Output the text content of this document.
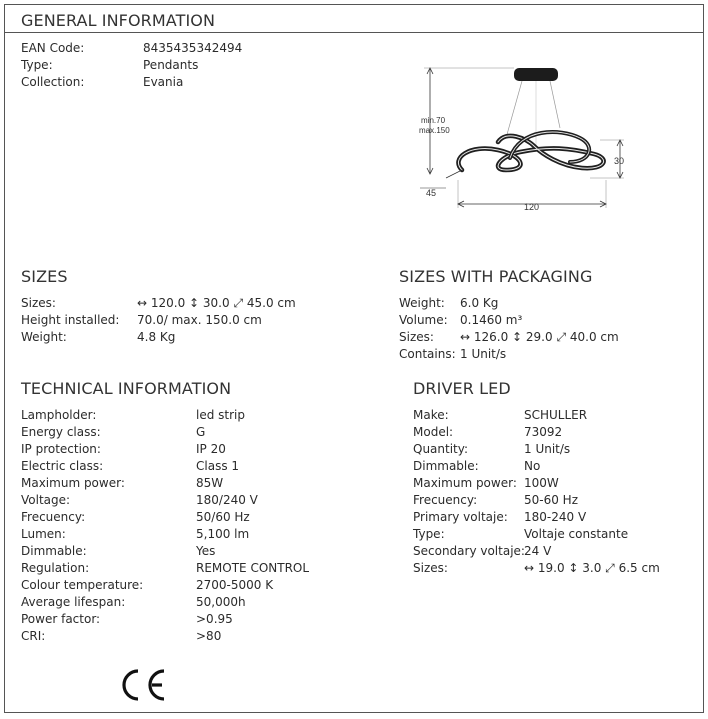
GENERAL INFORMATION
EAN Code:	8435435342494
Type:	Pendants
Collection:	Evania
min.70
max.150
30
120
45
SIZES
Sizes:	↔ 120.0 ↕ 30.0 ⤢ 45.0 cm
Height installed: 70.0/ max. 150.0 cm
Weight:	4.8 Kg
SIZES WITH PACKAGING
Weight: 6.0 Kg
Volume: 0.1460 m³
Sizes: ↔ 126.0 ↕ 29.0 ⤢ 40.0 cm
Contains: 1 Unit/s
TECHNICAL INFORMATION
Lampholder:	led strip
Energy class:	G
IP protection:	IP 20
Electric class:	Class 1
Maximum power:	85W
Voltage:	180/240 V
Frecuency:	50/60 Hz
Lumen:	5,100 lm
Dimmable:	Yes
Regulation:	REMOTE CONTROL
Colour temperature:	2700-5000 K
Average lifespan:	50,000h
Power factor:	>0.95
CRI:	>80
DRIVER LED
Make:	SCHULLER
Model:	73092
Quantity:	1 Unit/s
Dimmable:	No
Maximum power: 100W
Frecuency:	50-60 Hz
Primary voltaje: 180-240 V
Type:	Voltaje constante
Secondary voltaje: 24 V
Sizes:	↔ 19.0 ↕ 3.0 ⤢ 6.5 cm
